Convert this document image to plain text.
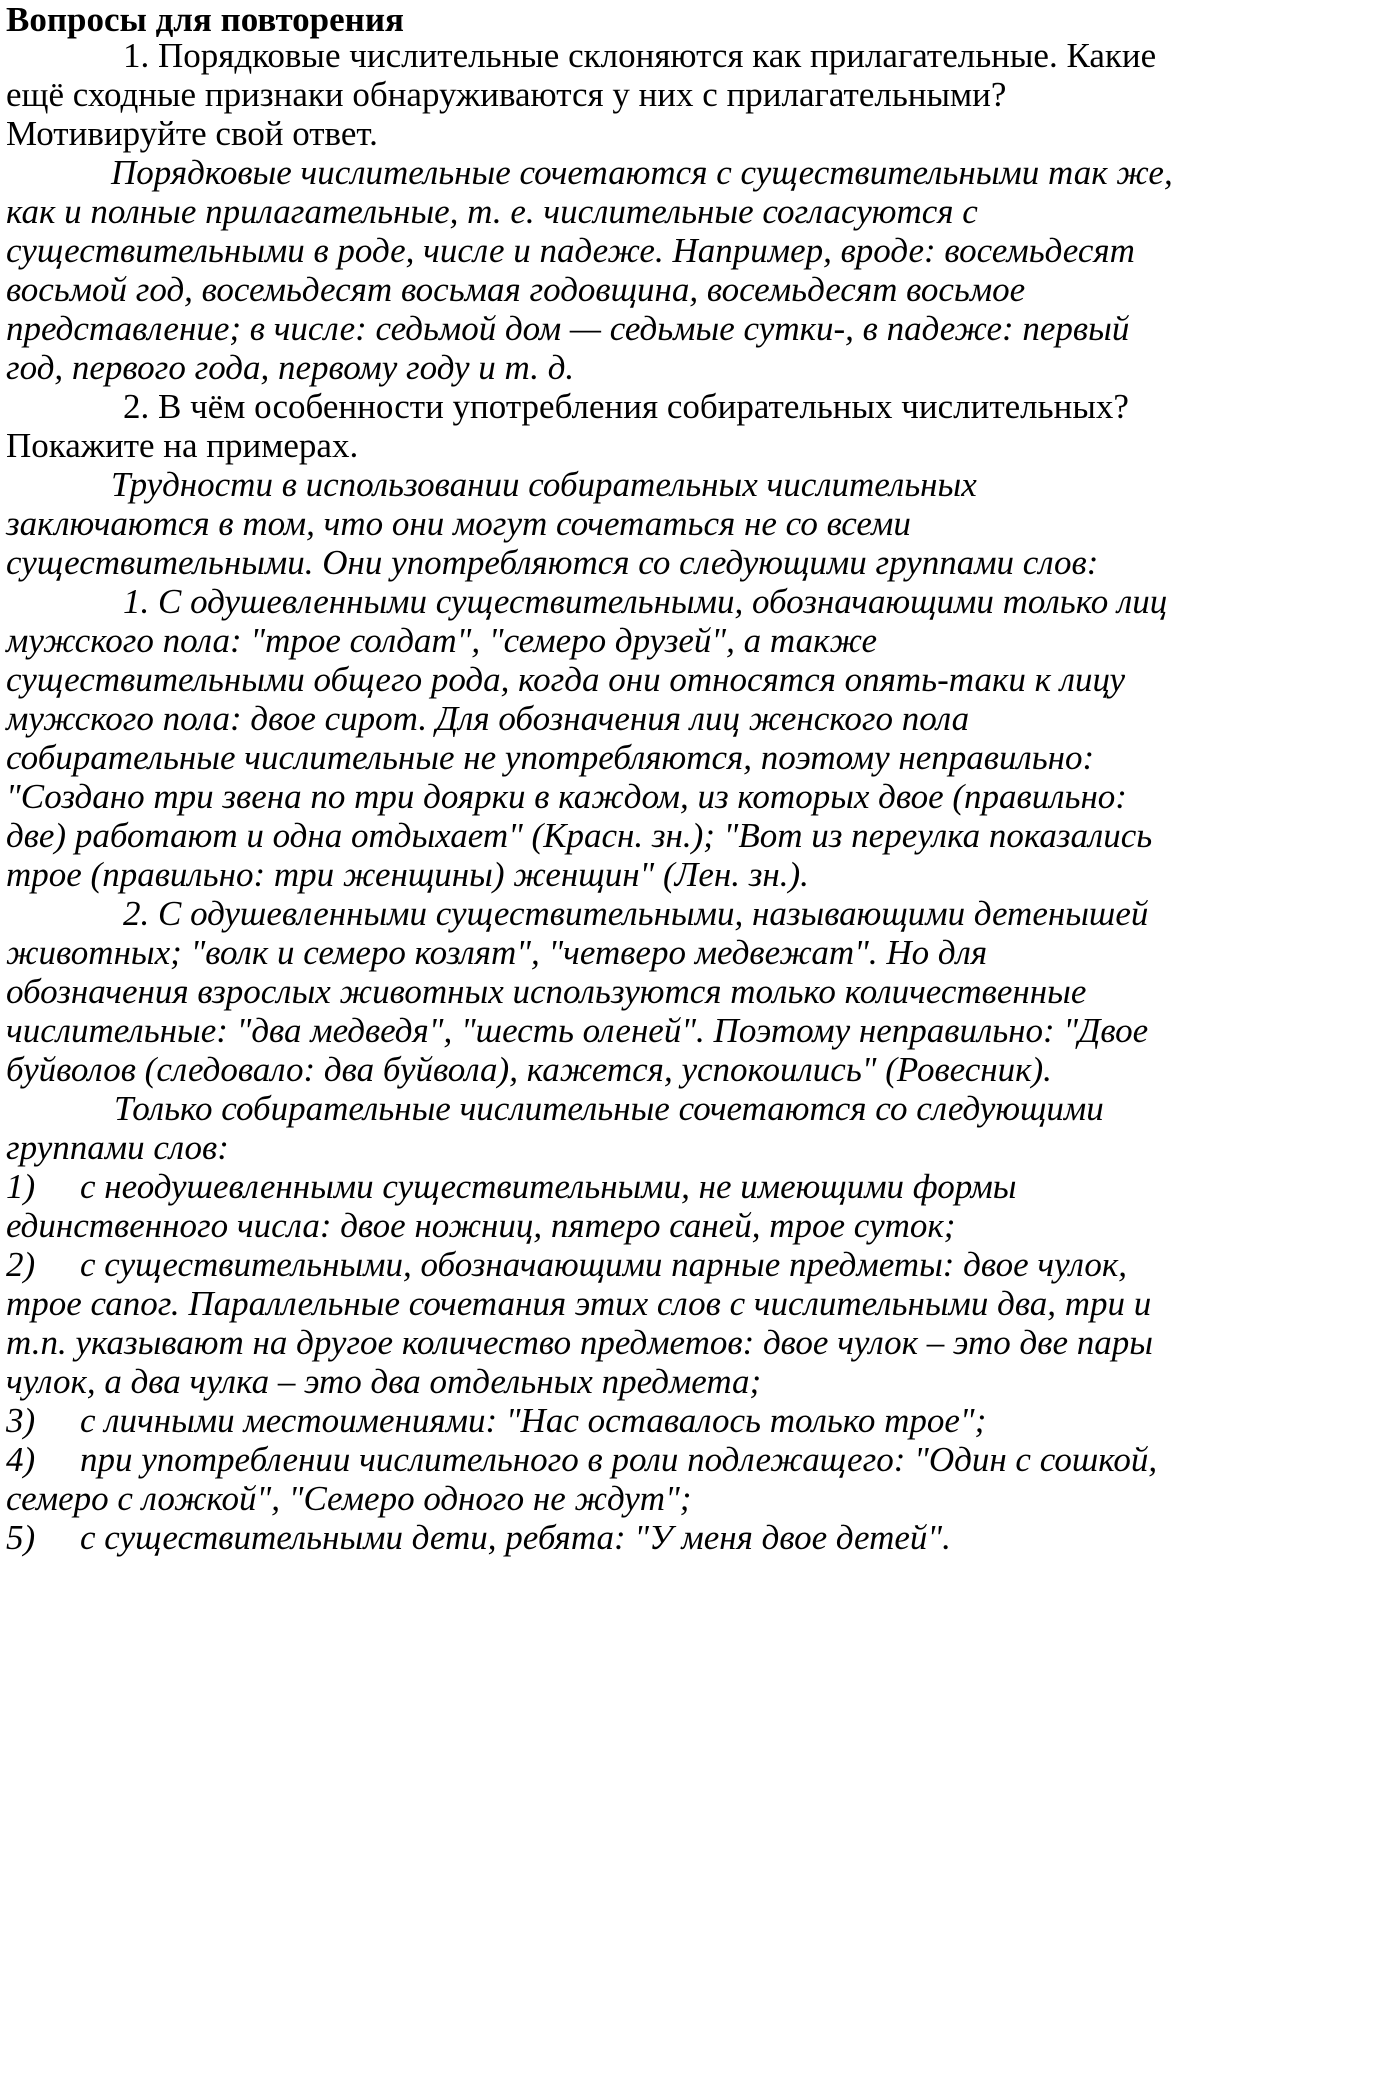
Вопросы для повторения
1. Порядковые числительные склоняются как прилагательные. Какие
ещё сходные признаки обнаруживаются у них с прилагательными?
Мотивируйте свой ответ.
Порядковые числительные сочетаются с существительными так же,
как и полные прилагательные, т. е. числительные согласуются с
существительными в роде, числе и падеже. Например, вроде: восемьдесят
восьмой год, восемьдесят восьмая годовщина, восемьдесят восьмое
представление; в числе: седьмой дом — седьмые сутки-, в падеже: первый
год, первого года, первому году и т. д.
2. В чём особенности употребления собирательных числительных?
Покажите на примерах.
Трудности в использовании собирательных числительных
заключаются в том, что они могут сочетаться не со всеми
существительными. Они употребляются со следующими группами слов:
1. С одушевленными существительными, обозначающими только лиц
мужского пола: "трое солдат", "семеро друзей", а также
существительными общего рода, когда они относятся опять-таки к лицу
мужского пола: двое сирот. Для обозначения лиц женского пола
собирательные числительные не употребляются, поэтому неправильно:
"Создано три звена по три доярки в каждом, из которых двое (правильно:
две) работают и одна отдыхает" (Красн. зн.); "Вот из переулка показались
трое (правильно: три женщины) женщин" (Лен. зн.).
2. С одушевленными существительными, называющими детенышей
животных; "волк и семеро козлят", "четверо медвежат". Но для
обозначения взрослых животных используются только количественные
числительные: "два медведя", "шесть оленей". Поэтому неправильно: "Двое
буйволов (следовало: два буйвола), кажется, успокоились" (Ровесник).
Только собирательные числительные сочетаются со следующими
группами слов:
1) с неодушевленными существительными, не имеющими формы
единственного числа: двое ножниц, пятеро саней, трое суток;
2) с существительными, обозначающими парные предметы: двое чулок,
трое сапог. Параллельные сочетания этих слов с числительными два, три и
т.п. указывают на другое количество предметов: двое чулок – это две пары
чулок, а два чулка – это два отдельных предмета;
3) с личными местоимениями: "Нас оставалось только трое";
4) при употреблении числительного в роли подлежащего: "Один с сошкой,
семеро с ложкой", "Семеро одного не ждут";
5) с существительными дети, ребята: "У меня двое детей".
